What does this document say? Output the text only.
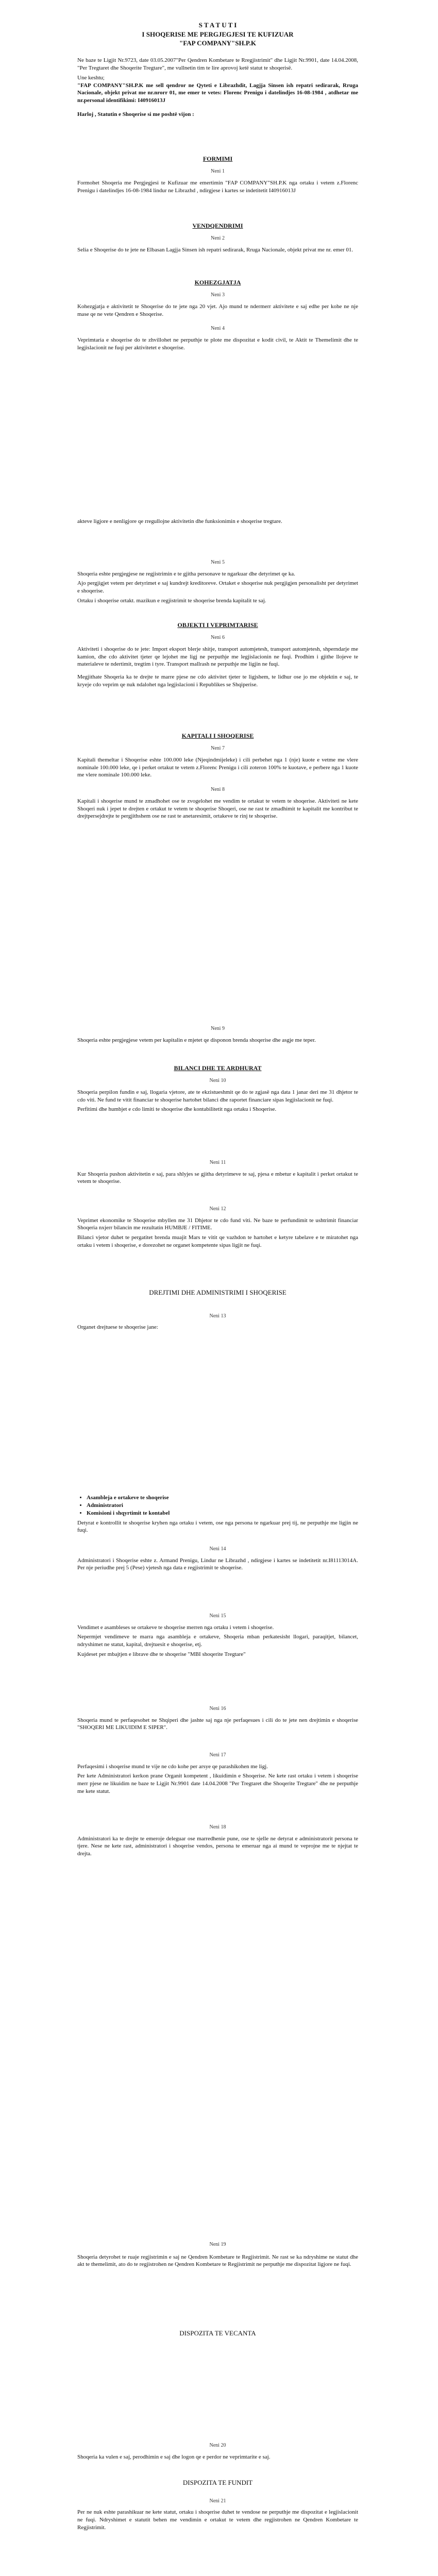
S T A T U T I

I SHOQERISE ME PERGJEGJESI TE KUFIZUAR

"FAP COMPANY"SH.P.K

Ne baze te Ligjit Nr.9723, date 03.05.2007"Per Qendren Kombetare te Rregjistrimit" dhe Ligjit Nr.9901, date 14.04.2008, "Per Tregtaret dhe Shoqerite Tregtare", me vullnetin tim te lire aprovoj ketë statut te shoqerisë.
Une keshtu;
"FAP COMPANY"SH.P.K me sell qendror ne Qyteti e Librazhdit, Lagjja Sinsen ish repatri sedirarak, Rruga Nacionale, objekt privat me nr.nrorr 01, me emer te vetes: Florenc Prenigu i datelindjes 16-08-1984 , atdhetar me nr.personal identifikimi: I40916013J
Harloj , Statutin e Shoqerise si me poshtë vijon :
FORMIMI
Neni 1
Formohet Shoqeria me Pergjegjesi te Kufizuar me emertimin "FAP COMPANY"SH.P.K nga ortaku i vetem z.Florenc Prenigu i datelindjes 16-08-1984 lindur ne Librazhd , ndirgjese i kartes se indetitetit I40916013J
VENDQENDRIMI
Neni 2
Selia e Shoqerise do te jete ne Elbasan Lagjja Sinsen ish repatri sedirarak, Rruga Nacionale, objekt privat me nr. emer 01.
KOHEZGJATJA
Neni 3
Kohezgjatja e aktivitetit te Shoqerise do te jete nga 20 vjet. Ajo mund te ndermerr aktivitete e saj edhe per kohe ne nje mase qe ne vete Qendren e Shoqerise.
Neni 4
Veprimtaria e shoqerise do te zhvillohet ne perputhje te plote me dispozitat e kodit civil, te Aktit te Themelimit dhe te legjislacionit ne fuqi per aktivitetet e shoqerise.
akteve ligjore e nenligjore qe rregullojne aktivitetin dhe funksionimin e shoqerise tregtare.
Neni 5
Shoqeria eshte pergjegjese ne regjistrimin e te gjitha personave te ngarkuar dhe detyrimet qe ka.
Ajo pergjigjet vetem per detyrimet e saj kundrejt kreditoreve. Ortaket e shoqerise nuk pergjigjen personalisht per detyrimet e shoqerise.
Ortaku i shoqerise ortakt. mazikun e regjistrimit te shoqerise brenda kapitalit te saj.
OBJEKTI I VEPRIMTARISE
Neni 6
Aktiviteti i shoqerise do te jete: Import eksport blerje shitje, transport automjetesh, transport automjetesh, shperndarje me kamion, dhe cdo aktivitet tjeter qe lejohet me ligj ne perputhje me legjislacionin ne fuqi. Prodhim i gjithe llojeve te materialeve te ndertimit, tregtim i tyre. Transport mallrash ne perputhje me ligjin ne fuqi.
Megjithate Shoqeria ka te drejte te marre pjese ne cdo aktivitet tjeter te ligjshem, te lidhur ose jo me objektin e saj, te kryeje cdo veprim qe nuk ndalohet nga legjislacioni i Republikes se Shqiperise.
KAPITALI I SHOQERISE
Neni 7
Kapitali themeltar i Shoqerise eshte 100.000 leke (Njeqindmijeleke) i cili perbehet nga 1 (nje) kuote e vetme me vlere nominale 100.000 leke, qe i perket ortakut te vetem z.Florenc Prenigu i cili zoteron 100% te kuotave, e perbere nga 1 kuote me vlere nominale 100.000 leke.
Neni 8
Kapitali i shoqerise mund te zmadhohet ose te zvogelohet me vendim te ortakut te vetem te shoqerise. Aktiviteti ne kete Shoqeri nuk i jepet te drejten e ortakut te vetem te shoqerise Shoqeri, ose ne rast te zmadhimit te kapitalit me kontribut te drejtpersejdrejte te pergjithshem ose ne rast te anetaresimit, ortakeve te rinj te shoqerise.
Neni 9
Shoqeria eshte pergjegjese vetem per kapitalin e mjetet qe disponon brenda shoqerise dhe asgje me teper.
BILANCI DHE TE ARDHURAT
Neni 10
Shoqeria perpilon fundin e saj, llogaria vjetore, ate te ekzistueshmit qe do te zgjasë nga data 1 janar deri me 31 dhjetor te cdo viti. Ne fund te vitit financiar te shoqerise hartohet bilanci dhe raportet financiare sipas legjislacionit ne fuqi.
Perfitimi dhe humbjet e cdo limiti te shoqerise dhe kontabilitetit nga ortaku i Shoqerise.
Neni 11
Kur Shoqeria pushon aktivitetin e saj, para shlyjes se gjitha detyrimeve te saj, pjesa e mbetur e kapitalit i perket ortakut te vetem te shoqerise.
Neni 12
Veprimet ekonomike te Shoqerise mbyllen me 31 Dhjetor te cdo fund viti. Ne baze te perfundimit te ushtrimit financiar Shoqeria nxjerr bilancin me rezultatin HUMBJE / FITIME.
Bilanci vjetor duhet te pergatitet brenda muajit Mars te vitit qe vazhdon te hartohet e ketyre tabelave e te miratohet nga ortaku i vetem i shoqerise, e dorezohet ne organet kompetente sipas ligjit ne fuqi.
DREJTIMI DHE ADMINISTRIMI I SHOQERISE
Neni 13
Organet drejtuese te shoqerise jane:
• Asambleja e ortakeve te shoqerise
• Administratori
• Komisioni i shqyrtimit te kontabel
Detyrat e kontrollit te shoqerise kryhen nga ortaku i vetem, ose nga persona te ngarkuar prej tij, ne perputhje me ligjin ne fuqi.
Neni 14
Administratori i Shoqerise eshte z. Armand Prenigu, Lindur ne Librazhd , ndirgjese i kartes se indetitetit nr.I81113014A. Per nje periudhe prej 5 (Pese) vjetesh nga data e regjistrimit te shoqerise.
Neni 15
Vendimet e asambleses se ortakeve te shoqerise merren nga ortaku i vetem i shoqerise.
Nepermjet vendimeve te marra nga asambleja e ortakeve, Shoqeria mban perkatesisht llogari, paraqitjet, bilancet, ndryshimet ne statut, kapital, drejtuesit e shoqerise, etj.
Kujdeset per mbajtjen e librave dhe te shoqerise "MBI shoqerite Tregtare"
Neni 16
Shoqeria mund te perfaqesohet ne Shqiperi dhe jashte saj nga nje perfaqesues i cili do te jete nen drejtimin e shoqerise "SHOQERI ME LIKUIDIM E SIPER".
Neni 17
Perfaqesimi i shoqerise mund te vije ne cdo kohe per arsye qe parashikohen me ligj.
Per kete Administratori kerkon prane Organit kompetent , likuidimin e Shoqerise. Ne kete rast ortaku i vetem i shoqerise merr pjese ne likuidim ne baze te Ligjit Nr.9901 date 14.04.2008 "Per Tregtaret dhe Shoqerite Tregtare" dhe ne perputhje me kete statut.
Neni 18
Administratori ka te drejte te emeroje deleguar ose marredhenie pune, ose te sjelle ne detyrat e administratorit persona te tjere. Nese ne kete rast, administratori i shoqerise vendos, persona te emeruar nga ai mund te veprojne me te njejtat te drejta.
Neni 19
Shoqeria detyrohet te ruaje regjistrimin e saj ne Qendren Kombetare te Regjistrimit. Ne rast se ka ndryshime ne statut dhe akt te themelimit, ato do te regjistrohen ne Qendren Kombetare te Regjistrimit ne perputhje me dispozitat ligjore ne fuqi.
DISPOZITA TE VECANTA
Neni 20
Shoqeria ka vulen e saj, perodhimin e saj dhe logon qe e perdor ne veprimtarite e saj.
DISPOZITA TE FUNDIT
Neni 21
Per ne nuk eshte parashikuar ne kete statut, ortaku i shoqerise duhet te vendose ne perputhje me dispozitat e legjislacionit ne fuqi. Ndryshimet e statutit behen me vendimin e ortakut te vetem dhe regjistrohen ne Qendren Kombetare te Regjistrimit.
